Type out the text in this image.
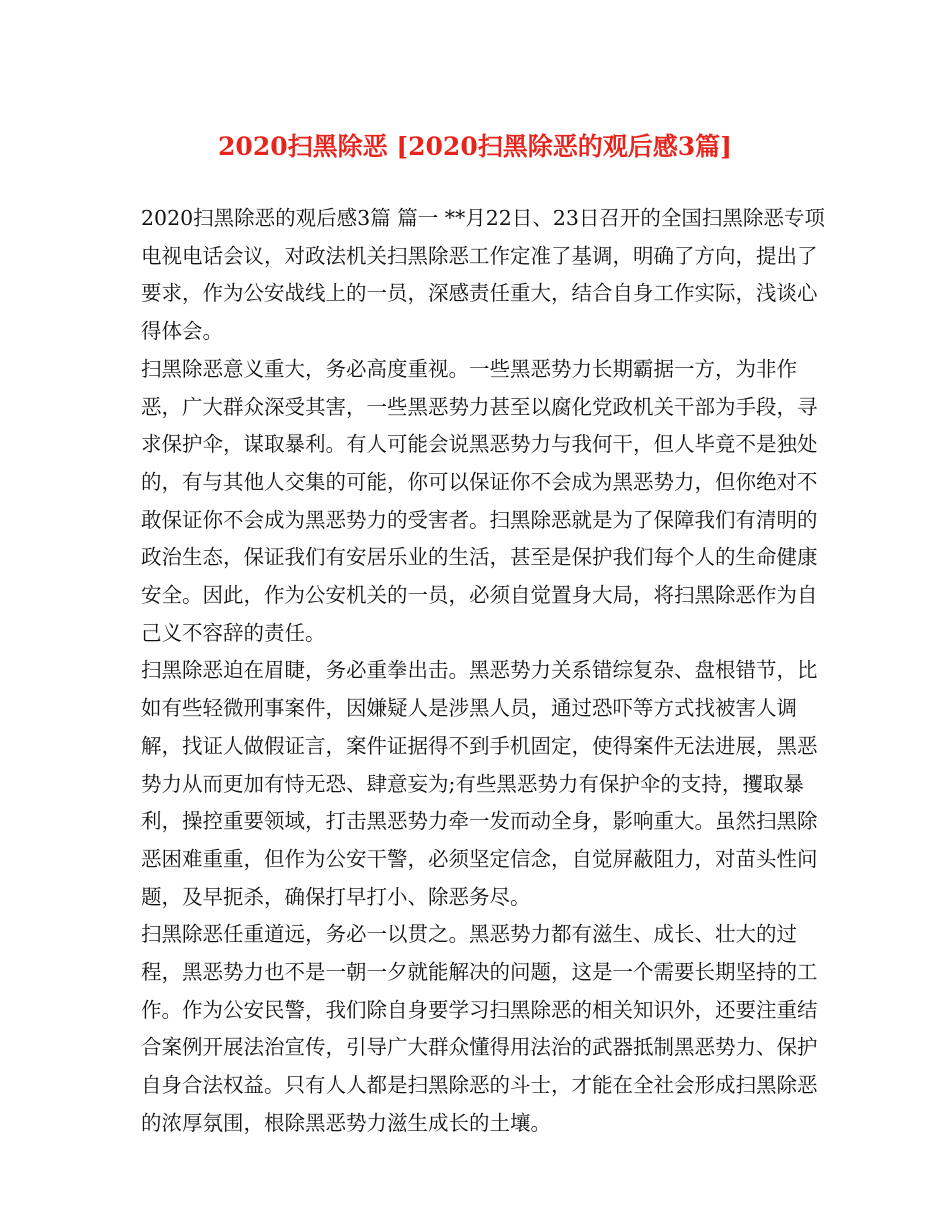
2020扫黑除恶 [2020扫黑除恶的观后感3篇]

2020扫黑除恶的观后感3篇 篇一 **月22日、23日召开的全国扫黑除恶专项电视电话会议，对政法机关扫黑除恶工作定准了基调，明确了方向，提出了要求，作为公安战线上的一员，深感责任重大，结合自身工作实际，浅谈心得体会。

扫黑除恶意义重大，务必高度重视。一些黑恶势力长期霸据一方，为非作恶，广大群众深受其害，一些黑恶势力甚至以腐化党政机关干部为手段，寻求保护伞，谋取暴利。有人可能会说黑恶势力与我何干，但人毕竟不是独处的，有与其他人交集的可能，你可以保证你不会成为黑恶势力，但你绝对不敢保证你不会成为黑恶势力的受害者。扫黑除恶就是为了保障我们有清明的政治生态，保证我们有安居乐业的生活，甚至是保护我们每个人的生命健康安全。因此，作为公安机关的一员，必须自觉置身大局，将扫黑除恶作为自己义不容辞的责任。

扫黑除恶迫在眉睫，务必重拳出击。黑恶势力关系错综复杂、盘根错节，比如有些轻微刑事案件，因嫌疑人是涉黑人员，通过恐吓等方式找被害人调解，找证人做假证言，案件证据得不到手机固定，使得案件无法进展，黑恶势力从而更加有恃无恐、肆意妄为;有些黑恶势力有保护伞的支持，攫取暴利，操控重要领域，打击黑恶势力牵一发而动全身，影响重大。虽然扫黑除恶困难重重，但作为公安干警，必须坚定信念，自觉屏蔽阻力，对苗头性问题，及早扼杀，确保打早打小、除恶务尽。

扫黑除恶任重道远，务必一以贯之。黑恶势力都有滋生、成长、壮大的过程，黑恶势力也不是一朝一夕就能解决的问题，这是一个需要长期坚持的工作。作为公安民警，我们除自身要学习扫黑除恶的相关知识外，还要注重结合案例开展法治宣传，引导广大群众懂得用法治的武器抵制黑恶势力、保护自身合法权益。只有人人都是扫黑除恶的斗士，才能在全社会形成扫黑除恶的浓厚氛围，根除黑恶势力滋生成长的土壤。
